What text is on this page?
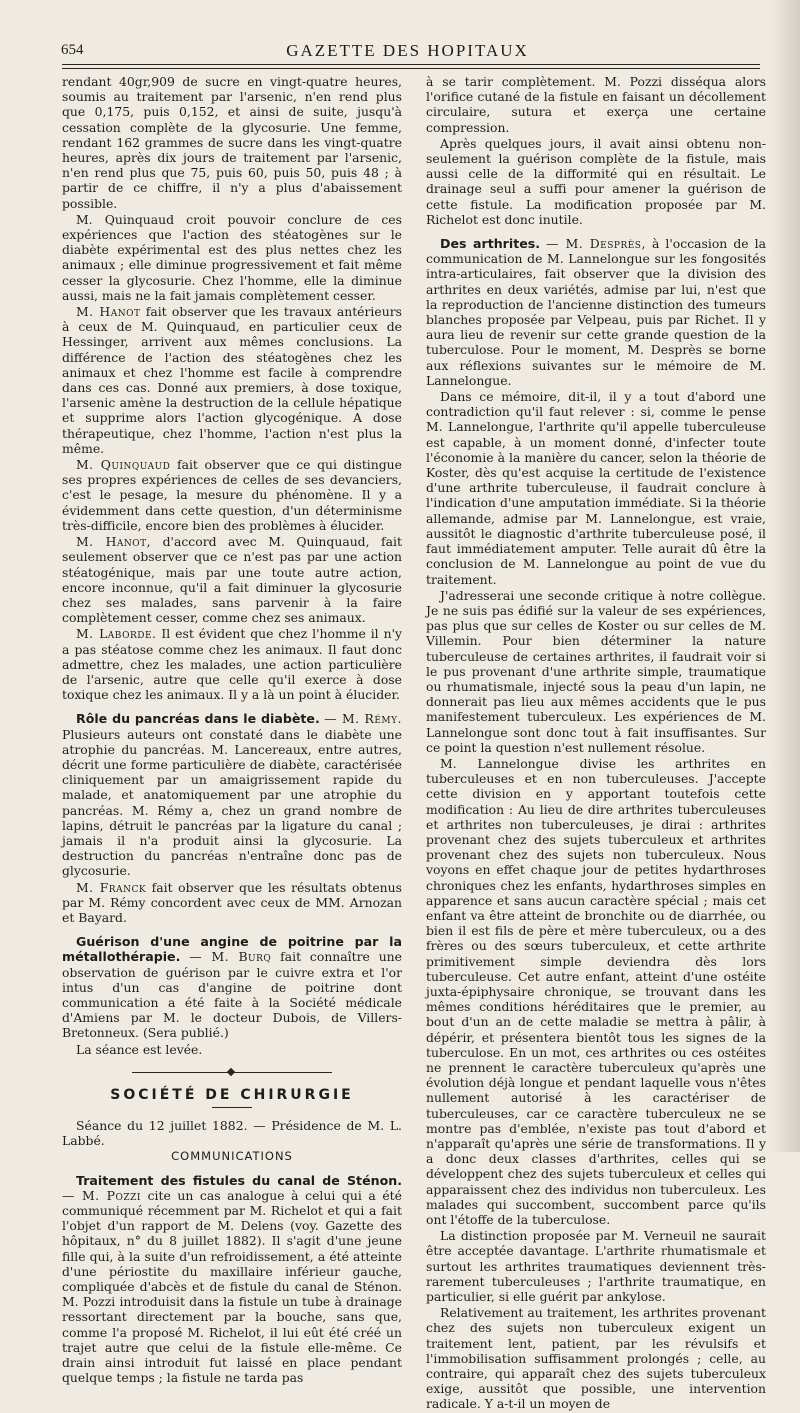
654	GAZETTE DES HOPITAUX

rendant 40gr,909 de sucre en vingt-quatre heures, soumis au traitement par l'arsenic, n'en rend plus que 0,175, puis 0,152, et ainsi de suite, jusqu'à cessation complète de la glycosurie. Une femme, rendant 162 grammes de sucre dans les vingt-quatre heures, après dix jours de traitement par l'arsenic, n'en rend plus que 75, puis 60, puis 50, puis 48 ; à partir de ce chiffre, il n'y a plus d'abaissement possible.

M. Quinquaud croit pouvoir conclure de ces expériences que l'action des stéatogènes sur le diabète expérimental est des plus nettes chez les animaux ; elle diminue progressivement et fait même cesser la glycosurie. Chez l'homme, elle la diminue aussi, mais ne la fait jamais complètement cesser.

M. Hanot fait observer que les travaux antérieurs à ceux de M. Quinquaud, en particulier ceux de Hessinger, arrivent aux mêmes conclusions. La différence de l'action des stéatogènes chez les animaux et chez l'homme est facile à comprendre dans ces cas. Donné aux premiers, à dose toxique, l'arsenic amène la destruction de la cellule hépatique et supprime alors l'action glycogénique. A dose thérapeutique, chez l'homme, l'action n'est plus la même.

M. Quinquaud fait observer que ce qui distingue ses propres expériences de celles de ses devanciers, c'est le pesage, la mesure du phénomène. Il y a évidemment dans cette question, d'un déterminisme très-difficile, encore bien des problèmes à élucider.

M. Hanot, d'accord avec M. Quinquaud, fait seulement observer que ce n'est pas par une action stéatogénique, mais par une toute autre action, encore inconnue, qu'il a fait diminuer la glycosurie chez ses malades, sans parvenir à la faire complètement cesser, comme chez ses animaux.

M. Laborde. Il est évident que chez l'homme il n'y a pas stéatose comme chez les animaux. Il faut donc admettre, chez les malades, une action particulière de l'arsenic, autre que celle qu'il exerce à dose toxique chez les animaux. Il y a là un point à élucider.

Rôle du pancréas dans le diabète. — M. Rémy. Plusieurs auteurs ont constaté dans le diabète une atrophie du pancréas. M. Lancereaux, entre autres, décrit une forme particulière de diabète, caractérisée cliniquement par un amaigrissement rapide du malade, et anatomiquement par une atrophie du pancréas. M. Rémy a, chez un grand nombre de lapins, détruit le pancréas par la ligature du canal ; jamais il n'a produit ainsi la glycosurie. La destruction du pancréas n'entraîne donc pas de glycosurie.

M. Franck fait observer que les résultats obtenus par M. Rémy concordent avec ceux de MM. Arnozan et Bayard.

Guérison d'une angine de poitrine par la métallothérapie. — M. Burq fait connaître une observation de guérison par le cuivre extra et l'or intus d'un cas d'angine de poitrine dont communication a été faite à la Société médicale d'Amiens par M. le docteur Dubois, de Villers-Bretonneux. (Sera publié.)

La séance est levée.

SOCIÉTÉ DE CHIRURGIE

Séance du 12 juillet 1882. — Présidence de M. L. Labbé.

COMMUNICATIONS

Traitement des fistules du canal de Sténon. — M. Pozzi cite un cas analogue à celui qui a été communiqué récemment par M. Richelot et qui a fait l'objet d'un rapport de M. Delens (voy. Gazette des hôpitaux, n° du 8 juillet 1882). Il s'agit d'une jeune fille qui, à la suite d'un refroidissement, a été atteinte d'une périostite du maxillaire inférieur gauche, compliquée d'abcès et de fistule du canal de Sténon. M. Pozzi introduisit dans la fistule un tube à drainage ressortant directement par la bouche, sans que, comme l'a proposé M. Richelot, il lui eût été créé un trajet autre que celui de la fistule elle-même. Ce drain ainsi introduit fut laissé en place pendant quelque temps ; la fistule ne tarda pas

à se tarir complètement. M. Pozzi disséqua alors l'orifice cutané de la fistule en faisant un décollement circulaire, sutura et exerça une certaine compression.

Après quelques jours, il avait ainsi obtenu non-seulement la guérison complète de la fistule, mais aussi celle de la difformité qui en résultait. Le drainage seul a suffi pour amener la guérison de cette fistule. La modification proposée par M. Richelot est donc inutile.

Des arthrites. — M. Desprès, à l'occasion de la communication de M. Lannelongue sur les fongosités intra-articulaires, fait observer que la division des arthrites en deux variétés, admise par lui, n'est que la reproduction de l'ancienne distinction des tumeurs blanches proposée par Velpeau, puis par Richet. Il y aura lieu de revenir sur cette grande question de la tuberculose. Pour le moment, M. Desprès se borne aux réflexions suivantes sur le mémoire de M. Lannelongue.

Dans ce mémoire, dit-il, il y a tout d'abord une contradiction qu'il faut relever : si, comme le pense M. Lannelongue, l'arthrite qu'il appelle tuberculeuse est capable, à un moment donné, d'infecter toute l'économie à la manière du cancer, selon la théorie de Koster, dès qu'est acquise la certitude de l'existence d'une arthrite tuberculeuse, il faudrait conclure à l'indication d'une amputation immédiate. Si la théorie allemande, admise par M. Lannelongue, est vraie, aussitôt le diagnostic d'arthrite tuberculeuse posé, il faut immédiatement amputer. Telle aurait dû être la conclusion de M. Lannelongue au point de vue du traitement.

J'adresserai une seconde critique à notre collègue. Je ne suis pas édifié sur la valeur de ses expériences, pas plus que sur celles de Koster ou sur celles de M. Villemin. Pour bien déterminer la nature tuberculeuse de certaines arthrites, il faudrait voir si le pus provenant d'une arthrite simple, traumatique ou rhumatismale, injecté sous la peau d'un lapin, ne donnerait pas lieu aux mêmes accidents que le pus manifestement tuberculeux. Les expériences de M. Lannelongue sont donc tout à fait insuffisantes. Sur ce point la question n'est nullement résolue.

M. Lannelongue divise les arthrites en tuberculeuses et en non tuberculeuses. J'accepte cette division en y apportant toutefois cette modification : Au lieu de dire arthrites tuberculeuses et arthrites non tuberculeuses, je dirai : arthrites provenant chez des sujets tuberculeux et arthrites provenant chez des sujets non tuberculeux. Nous voyons en effet chaque jour de petites hydarthroses chroniques chez les enfants, hydarthroses simples en apparence et sans aucun caractère spécial ; mais cet enfant va être atteint de bronchite ou de diarrhée, ou bien il est fils de père et mère tuberculeux, ou a des frères ou des sœurs tuberculeux, et cette arthrite primitivement simple deviendra dès lors tuberculeuse. Cet autre enfant, atteint d'une ostéite juxta-épiphysaire chronique, se trouvant dans les mêmes conditions héréditaires que le premier, au bout d'un an de cette maladie se mettra à pâlir, à dépérir, et présentera bientôt tous les signes de la tuberculose. En un mot, ces arthrites ou ces ostéites ne prennent le caractère tuberculeux qu'après une évolution déjà longue et pendant laquelle vous n'êtes nullement autorisé à les caractériser de tuberculeuses, car ce caractère tuberculeux ne se montre pas d'emblée, n'existe pas tout d'abord et n'apparaît qu'après une série de transformations. Il y a donc deux classes d'arthrites, celles qui se développent chez des sujets tuberculeux et celles qui apparaissent chez des individus non tuberculeux. Les malades qui succombent, succombent parce qu'ils ont l'étoffe de la tuberculose.

La distinction proposée par M. Verneuil ne saurait être acceptée davantage. L'arthrite rhumatismale et surtout les arthrites traumatiques deviennent très-rarement tuberculeuses ; l'arthrite traumatique, en particulier, si elle guérit par ankylose.

Relativement au traitement, les arthrites provenant chez des sujets non tuberculeux exigent un traitement lent, patient, par les révulsifs et l'immobilisation suffisamment prolongés ; celle, au contraire, qui apparaît chez des sujets tuberculeux exige, aussitôt que possible, une intervention radicale. Y a-t-il un moyen de
